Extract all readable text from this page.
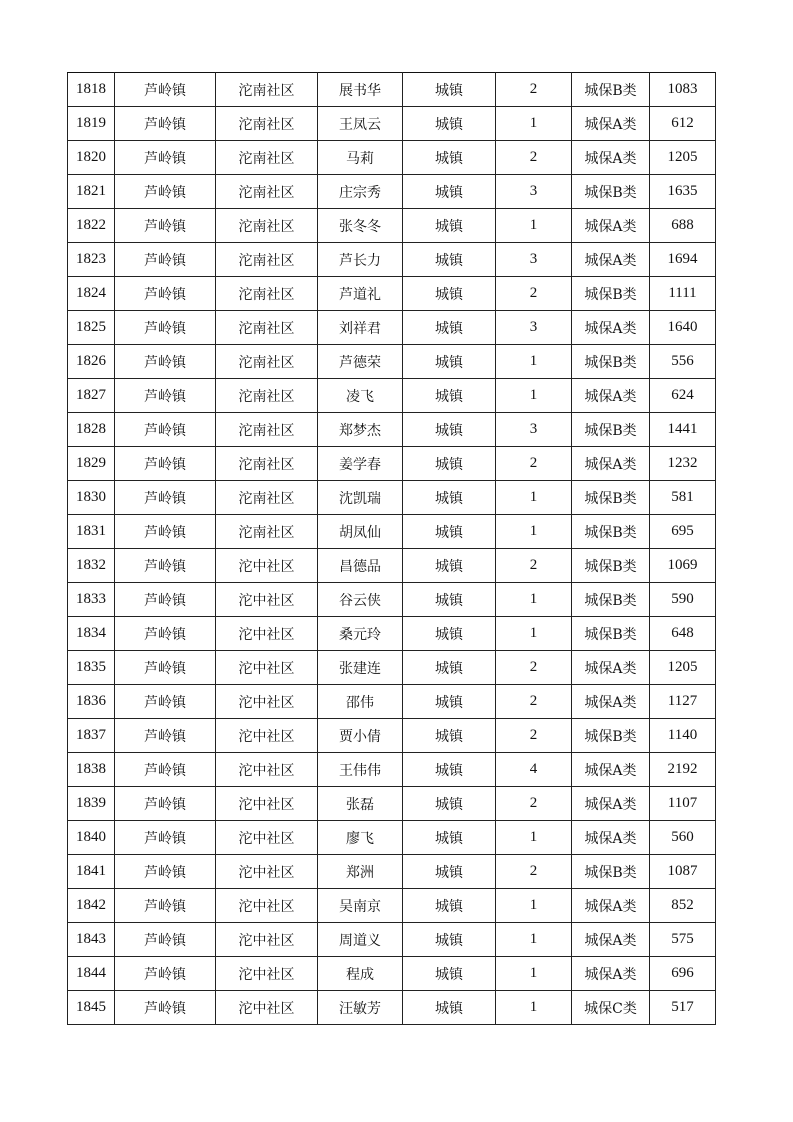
1818	芦岭镇	沱南社区	展书华	城镇	2	城保B类	1083
1819	芦岭镇	沱南社区	王凤云	城镇	1	城保A类	612
1820	芦岭镇	沱南社区	马莉	城镇	2	城保A类	1205
1821	芦岭镇	沱南社区	庄宗秀	城镇	3	城保B类	1635
1822	芦岭镇	沱南社区	张冬冬	城镇	1	城保A类	688
1823	芦岭镇	沱南社区	芦长力	城镇	3	城保A类	1694
1824	芦岭镇	沱南社区	芦道礼	城镇	2	城保B类	1111
1825	芦岭镇	沱南社区	刘祥君	城镇	3	城保A类	1640
1826	芦岭镇	沱南社区	芦德荣	城镇	1	城保B类	556
1827	芦岭镇	沱南社区	凌飞	城镇	1	城保A类	624
1828	芦岭镇	沱南社区	郑梦杰	城镇	3	城保B类	1441
1829	芦岭镇	沱南社区	姜学春	城镇	2	城保A类	1232
1830	芦岭镇	沱南社区	沈凯瑞	城镇	1	城保B类	581
1831	芦岭镇	沱南社区	胡凤仙	城镇	1	城保B类	695
1832	芦岭镇	沱中社区	昌德品	城镇	2	城保B类	1069
1833	芦岭镇	沱中社区	谷云侠	城镇	1	城保B类	590
1834	芦岭镇	沱中社区	桑元玲	城镇	1	城保B类	648
1835	芦岭镇	沱中社区	张建连	城镇	2	城保A类	1205
1836	芦岭镇	沱中社区	邵伟	城镇	2	城保A类	1127
1837	芦岭镇	沱中社区	贾小倩	城镇	2	城保B类	1140
1838	芦岭镇	沱中社区	王伟伟	城镇	4	城保A类	2192
1839	芦岭镇	沱中社区	张磊	城镇	2	城保A类	1107
1840	芦岭镇	沱中社区	廖飞	城镇	1	城保A类	560
1841	芦岭镇	沱中社区	郑洲	城镇	2	城保B类	1087
1842	芦岭镇	沱中社区	吴南京	城镇	1	城保A类	852
1843	芦岭镇	沱中社区	周道义	城镇	1	城保A类	575
1844	芦岭镇	沱中社区	程成	城镇	1	城保A类	696
1845	芦岭镇	沱中社区	汪敏芳	城镇	1	城保C类	517
